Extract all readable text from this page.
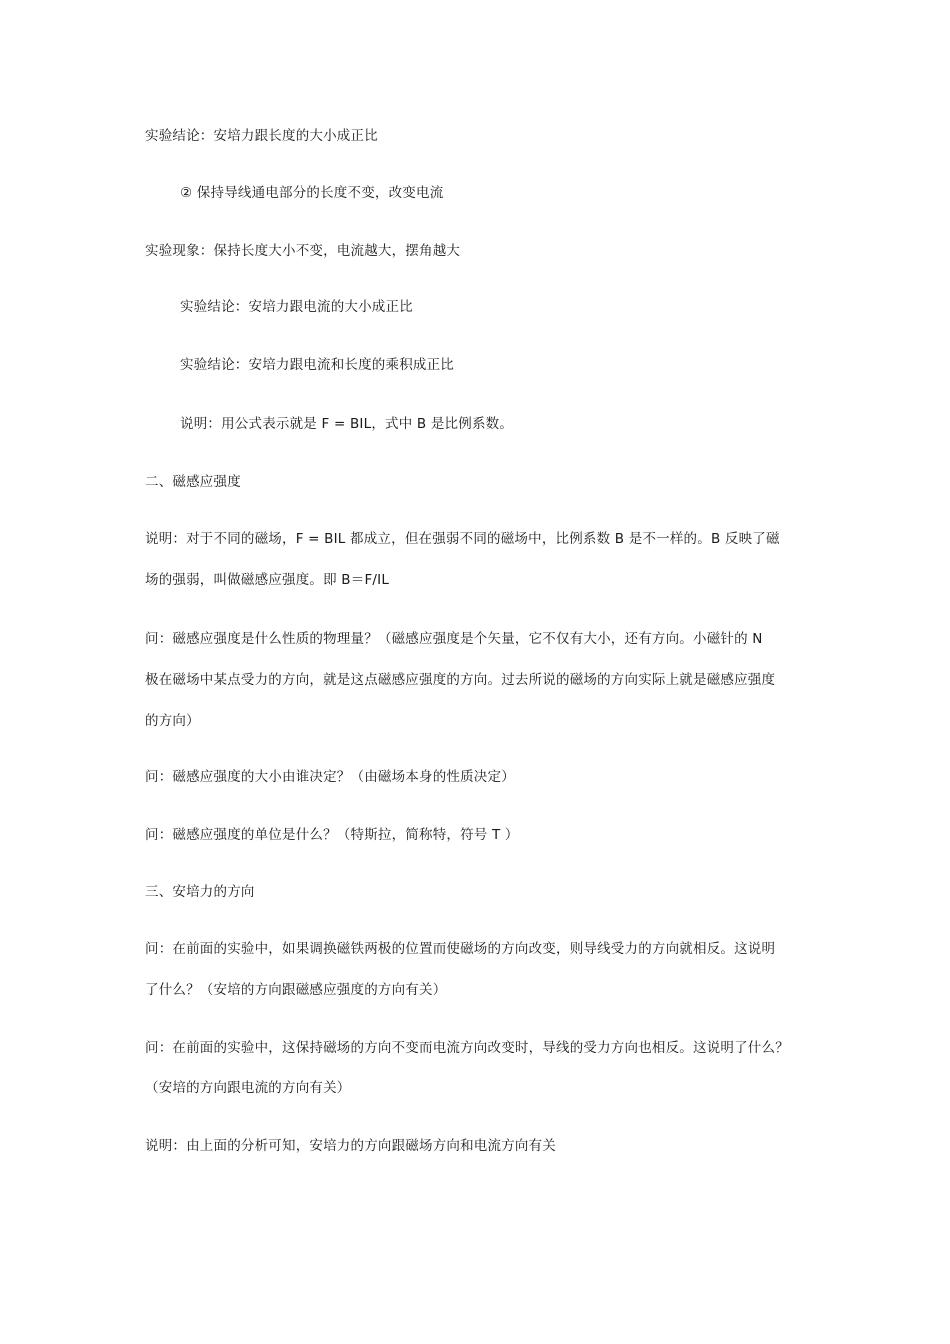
实验结论：安培力跟长度的大小成正比
② 保持导线通电部分的长度不变，改变电流
实验现象：保持长度大小不变，电流越大，摆角越大
实验结论：安培力跟电流的大小成正比
实验结论：安培力跟电流和长度的乘积成正比
说明：用公式表示就是 F = BIL，式中 B 是比例系数。
二、磁感应强度
说明：对于不同的磁场，F = BIL 都成立，但在强弱不同的磁场中，比例系数 B 是不一样的。B 反映了磁
场的强弱，叫做磁感应强度。即 B＝F/IL
问：磁感应强度是什么性质的物理量？（磁感应强度是个矢量，它不仅有大小，还有方向。小磁针的 N
极在磁场中某点受力的方向，就是这点磁感应强度的方向。过去所说的磁场的方向实际上就是磁感应强度
的方向）
问：磁感应强度的大小由谁决定？（由磁场本身的性质决定）
问：磁感应强度的单位是什么？（特斯拉，简称特，符号 T ）
三、安培力的方向
问：在前面的实验中，如果调换磁铁两极的位置而使磁场的方向改变，则导线受力的方向就相反。这说明
了什么？（安培的方向跟磁感应强度的方向有关）
问：在前面的实验中，这保持磁场的方向不变而电流方向改变时，导线的受力方向也相反。这说明了什么？
（安培的方向跟电流的方向有关）
说明：由上面的分析可知，安培力的方向跟磁场方向和电流方向有关
